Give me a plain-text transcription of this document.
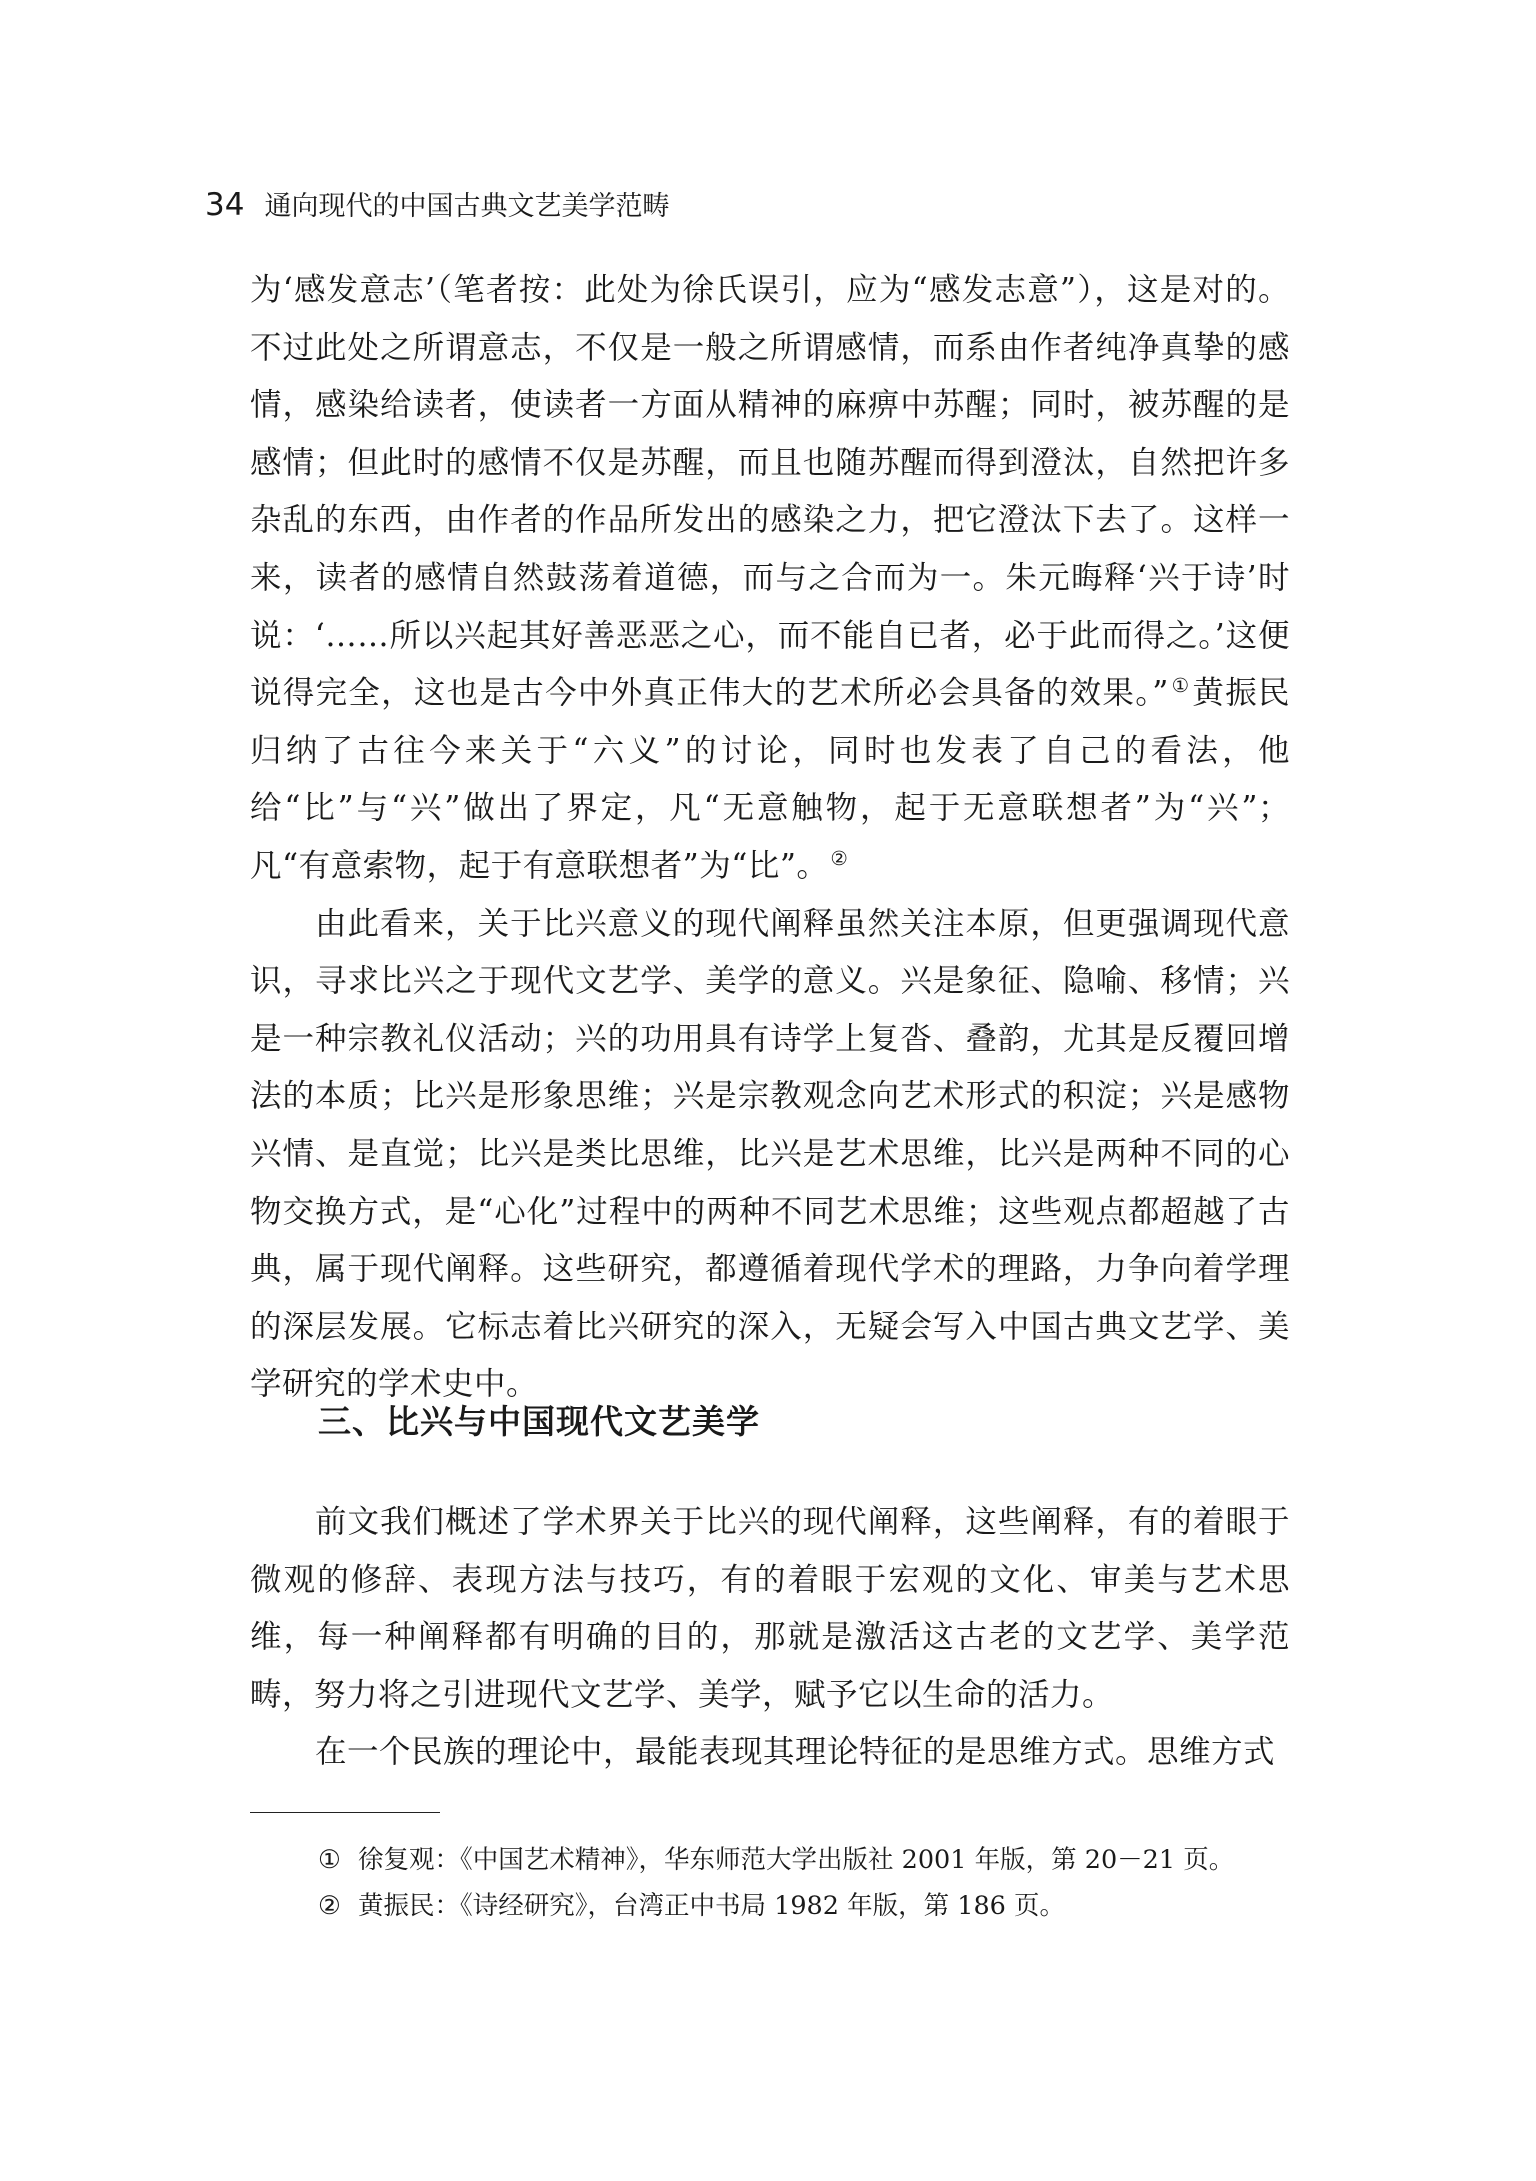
34 通向现代的中国古典文艺美学范畴

为‘感发意志’（笔者按：此处为徐氏误引，应为“感发志意”），这是对的。不过此处之所谓意志，不仅是一般之所谓感情，而系由作者纯净真挚的感情，感染给读者，使读者一方面从精神的麻痹中苏醒；同时，被苏醒的是感情；但此时的感情不仅是苏醒，而且也随苏醒而得到澄汰，自然把许多杂乱的东西，由作者的作品所发出的感染之力，把它澄汰下去了。这样一来，读者的感情自然鼓荡着道德，而与之合而为一。朱元晦释‘兴于诗’时说：‘……所以兴起其好善恶恶之心，而不能自已者，必于此而得之。’这便说得完全，这也是古今中外真正伟大的艺术所必会具备的效果。” ①黄振民归纳了古往今来关于“六义”的讨论，同时也发表了自己的看法，他给“比”与“兴”做出了界定，凡“无意触物，起于无意联想者”为“兴”；凡“有意索物，起于有意联想者”为“比”。 ②

由此看来，关于比兴意义的现代阐释虽然关注本原，但更强调现代意识，寻求比兴之于现代文艺学、美学的意义。兴是象征、隐喻、移情；兴是一种宗教礼仪活动；兴的功用具有诗学上复沓、叠韵，尤其是反覆回增法的本质；比兴是形象思维；兴是宗教观念向艺术形式的积淀；兴是感物兴情、是直觉；比兴是类比思维，比兴是艺术思维，比兴是两种不同的心物交换方式，是“心化”过程中的两种不同艺术思维；这些观点都超越了古典，属于现代阐释。这些研究，都遵循着现代学术的理路，力争向着学理的深层发展。它标志着比兴研究的深入，无疑会写入中国古典文艺学、美学研究的学术史中。

三、比兴与中国现代文艺美学

前文我们概述了学术界关于比兴的现代阐释，这些阐释，有的着眼于微观的修辞、表现方法与技巧，有的着眼于宏观的文化、审美与艺术思维，每一种阐释都有明确的目的，那就是激活这古老的文艺学、美学范畴，努力将之引进现代文艺学、美学，赋予它以生命的活力。

在一个民族的理论中，最能表现其理论特征的是思维方式。思维方式

① 徐复观：《中国艺术精神》，华东师范大学出版社 2001 年版，第 20－21 页。
② 黄振民：《诗经研究》，台湾正中书局 1982 年版，第 186 页。
